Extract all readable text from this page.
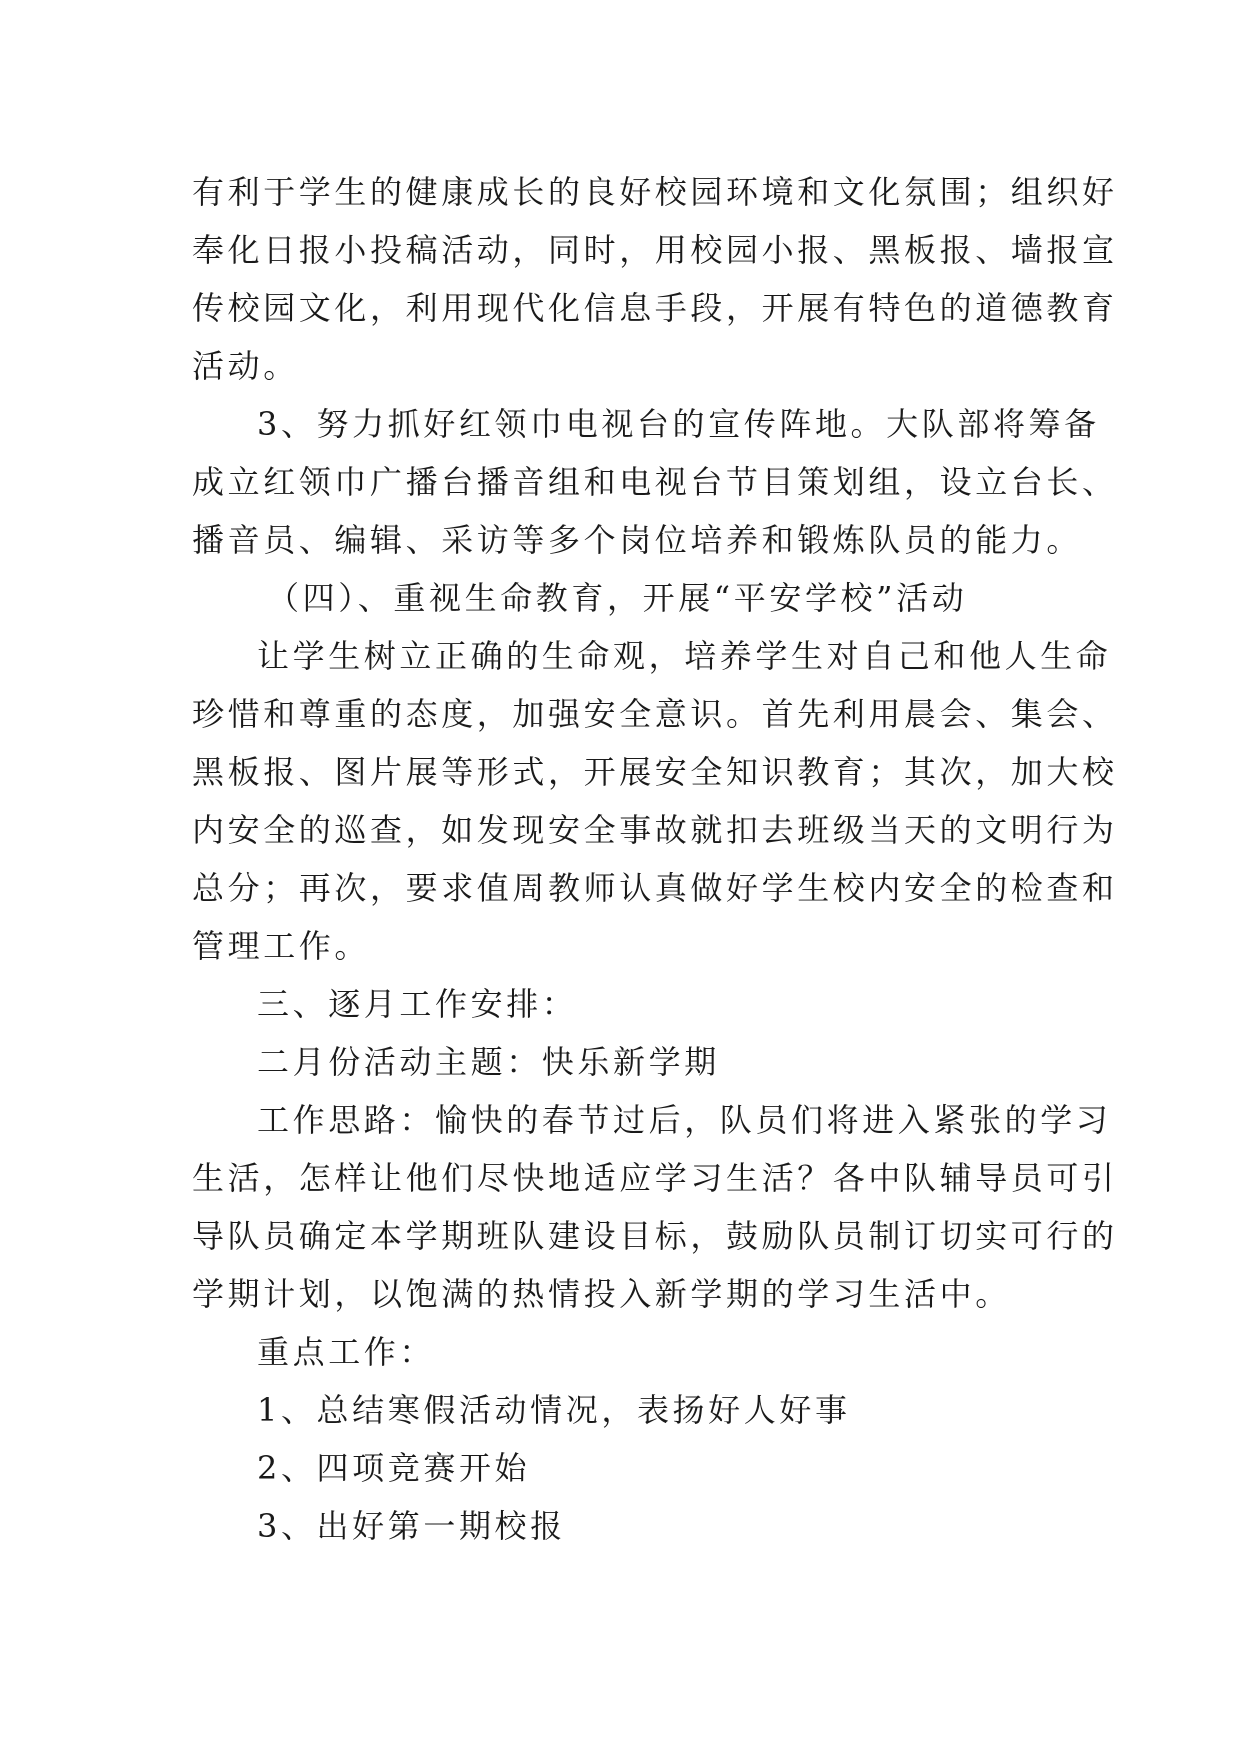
有利于学生的健康成长的良好校园环境和文化氛围；组织好
奉化日报小投稿活动，同时，用校园小报、黑板报、墙报宣
传校园文化，利用现代化信息手段，开展有特色的道德教育
活动。
3、努力抓好红领巾电视台的宣传阵地。大队部将筹备
成立红领巾广播台播音组和电视台节目策划组，设立台长、
播音员、编辑、采访等多个岗位培养和锻炼队员的能力。
（四）、重视生命教育，开展“平安学校”活动
让学生树立正确的生命观，培养学生对自己和他人生命
珍惜和尊重的态度，加强安全意识。首先利用晨会、集会、
黑板报、图片展等形式，开展安全知识教育；其次，加大校
内安全的巡查，如发现安全事故就扣去班级当天的文明行为
总分；再次，要求值周教师认真做好学生校内安全的检查和
管理工作。
三、逐月工作安排：
二月份活动主题：快乐新学期
工作思路：愉快的春节过后，队员们将进入紧张的学习
生活，怎样让他们尽快地适应学习生活？各中队辅导员可引
导队员确定本学期班队建设目标，鼓励队员制订切实可行的
学期计划，以饱满的热情投入新学期的学习生活中。
重点工作：
1、总结寒假活动情况，表扬好人好事
2、四项竞赛开始
3、出好第一期校报
